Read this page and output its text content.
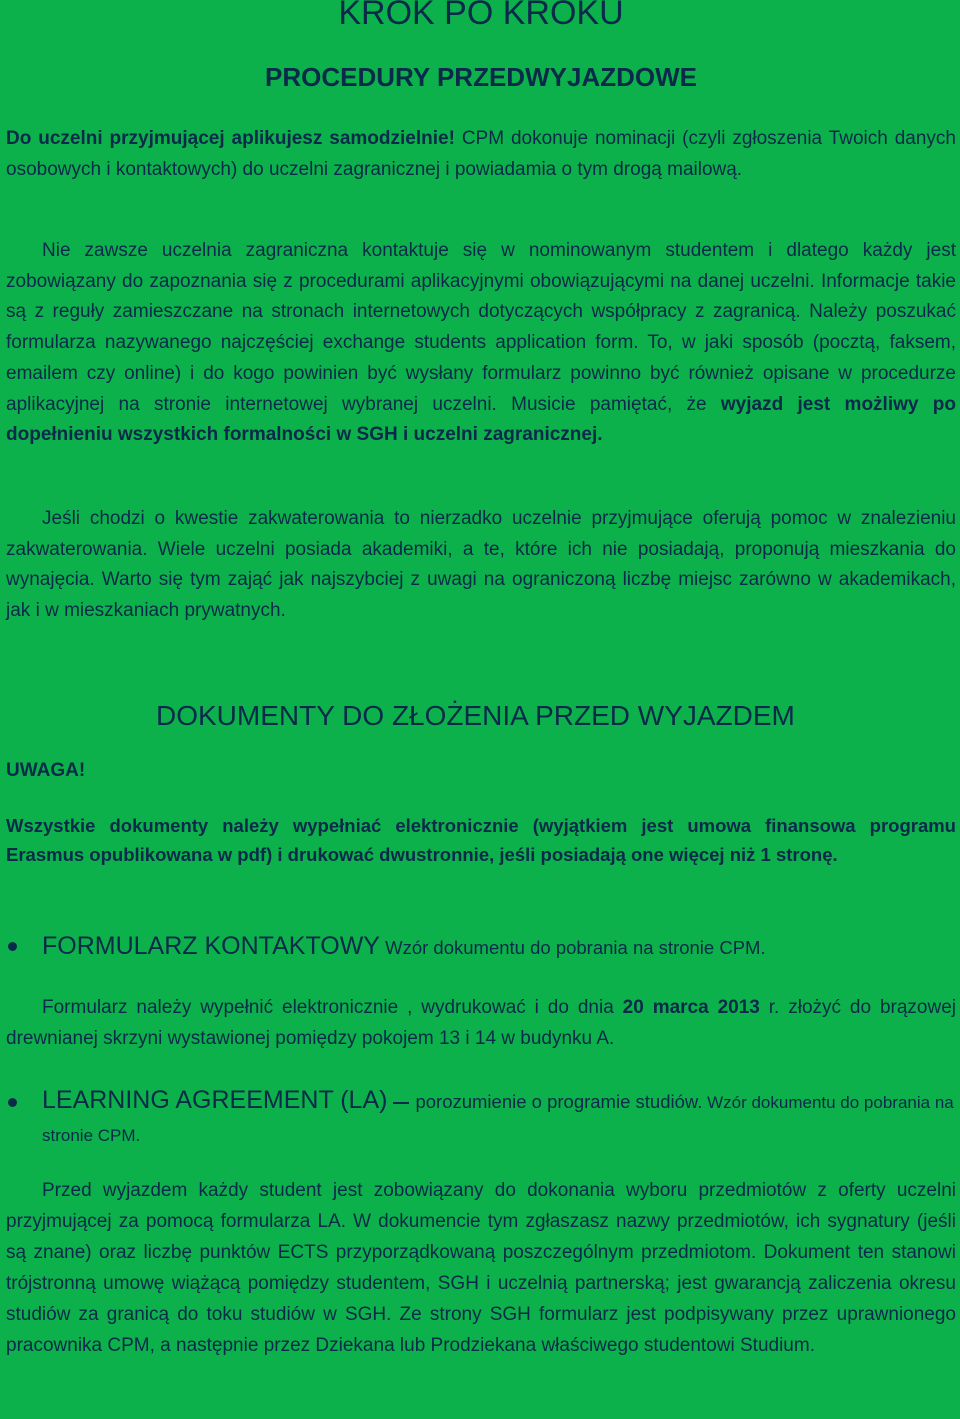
KROK PO KROKU
PROCEDURY PRZEDWYJAZDOWE

Do uczelni przyjmującej aplikujesz samodzielnie! CPM dokonuje nominacji (czyli zgłoszenia Twoich danych osobowych i kontaktowych) do uczelni zagranicznej i powiadamia o tym drogą mailową.

Nie zawsze uczelnia zagraniczna kontaktuje się w nominowanym studentem i dlatego każdy jest zobowiązany do zapoznania się z procedurami aplikacyjnymi obowiązującymi na danej uczelni. Informacje takie są z reguły zamieszczane na stronach internetowych dotyczących współpracy z zagranicą. Należy poszukać formularza nazywanego najczęściej exchange students application form. To, w jaki sposób (pocztą, faksem, emailem czy online) i do kogo powinien być wysłany formularz powinno być również opisane w procedurze aplikacyjnej na stronie internetowej wybranej uczelni. Musicie pamiętać, że wyjazd jest możliwy po dopełnieniu wszystkich formalności w SGH i uczelni zagranicznej.

Jeśli chodzi o kwestie zakwaterowania to nierzadko uczelnie przyjmujące oferują pomoc w znalezieniu zakwaterowania. Wiele uczelni posiada akademiki, a te, które ich nie posiadają, proponują mieszkania do wynajęcia. Warto się tym zająć jak najszybciej z uwagi na ograniczoną liczbę miejsc zarówno w akademikach, jak i w mieszkaniach prywatnych.

DOKUMENTY DO ZŁOŻENIA PRZED WYJAZDEM
UWAGA!

Wszystkie dokumenty należy wypełniać elektronicznie (wyjątkiem jest umowa finansowa programu Erasmus opublikowana w pdf) i drukować dwustronnie, jeśli posiadają one więcej niż 1 stronę.

FORMULARZ KONTAKTOWY Wzór dokumentu do pobrania na stronie CPM.

Formularz należy wypełnić elektronicznie , wydrukować i do dnia 20 marca 2013 r. złożyć do brązowej drewnianej skrzyni wystawionej pomiędzy pokojem 13 i 14 w budynku A.

LEARNING AGREEMENT (LA) porozumienie o programie studiów. Wzór dokumentu do pobrania na stronie CPM.

Przed wyjazdem każdy student jest zobowiązany do dokonania wyboru przedmiotów z oferty uczelni przyjmującej za pomocą formularza LA. W dokumencie tym zgłaszasz nazwy przedmiotów, ich sygnatury (jeśli są znane) oraz liczbę punktów ECTS przyporządkowaną poszczególnym przedmiotom. Dokument ten stanowi trójstronną umowę wiążącą pomiędzy studentem, SGH i uczelnią partnerską; jest gwarancją zaliczenia okresu studiów za granicą do toku studiów w SGH. Ze strony SGH formularz jest podpisywany przez uprawnionego pracownika CPM, a następnie przez Dziekana lub Prodziekana właściwego studentowi Studium.
